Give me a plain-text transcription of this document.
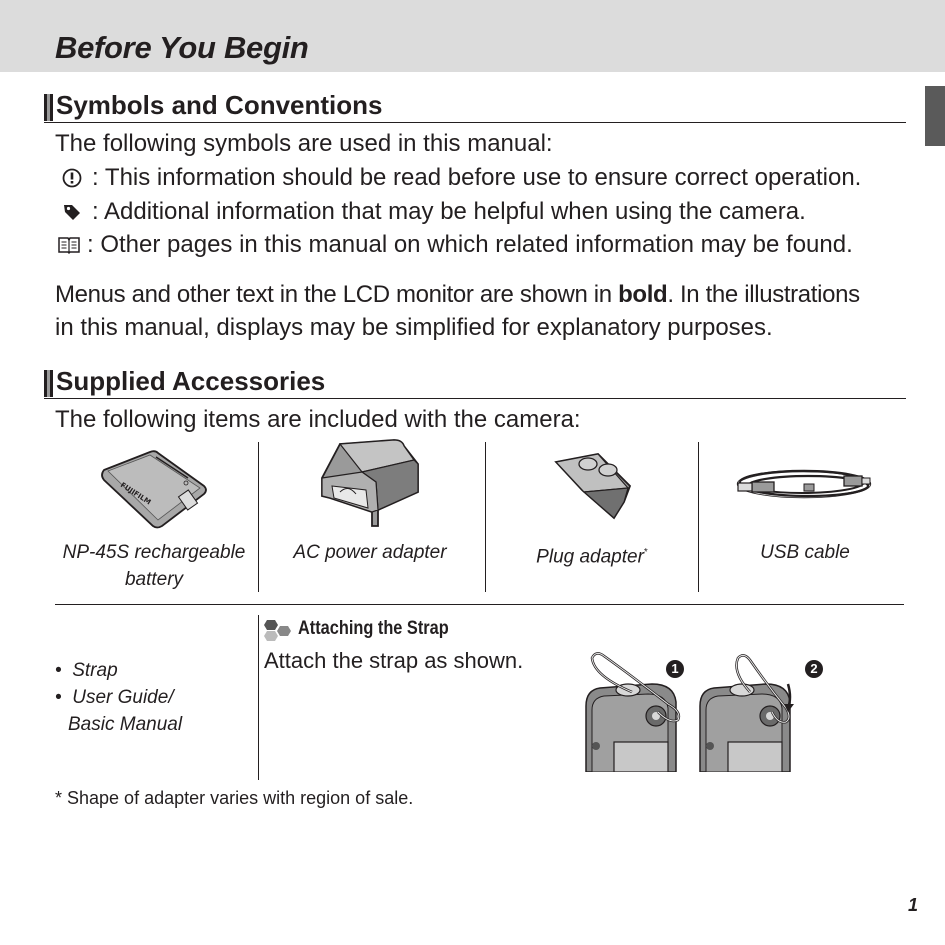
Before You Begin
Symbols and Conventions
The following symbols are used in this manual:
: This information should be read before use to ensure correct operation.
: Additional information that may be helpful when using the camera.
: Other pages in this manual on which related information may be found.
Menus and other text in the LCD monitor are shown in bold. In the illustrations
in this manual, displays may be simplified for explanatory purposes.
Supplied Accessories
The following items are included with the camera:
FUJIFILM
NP-45S rechargeable
battery
AC power adapter	Plug adapter*	USB cable
•  Strap
•  User Guide/
Basic Manual
Attaching the Strap
Attach the strap as shown.	1	2
* Shape of adapter varies with region of sale.
1
